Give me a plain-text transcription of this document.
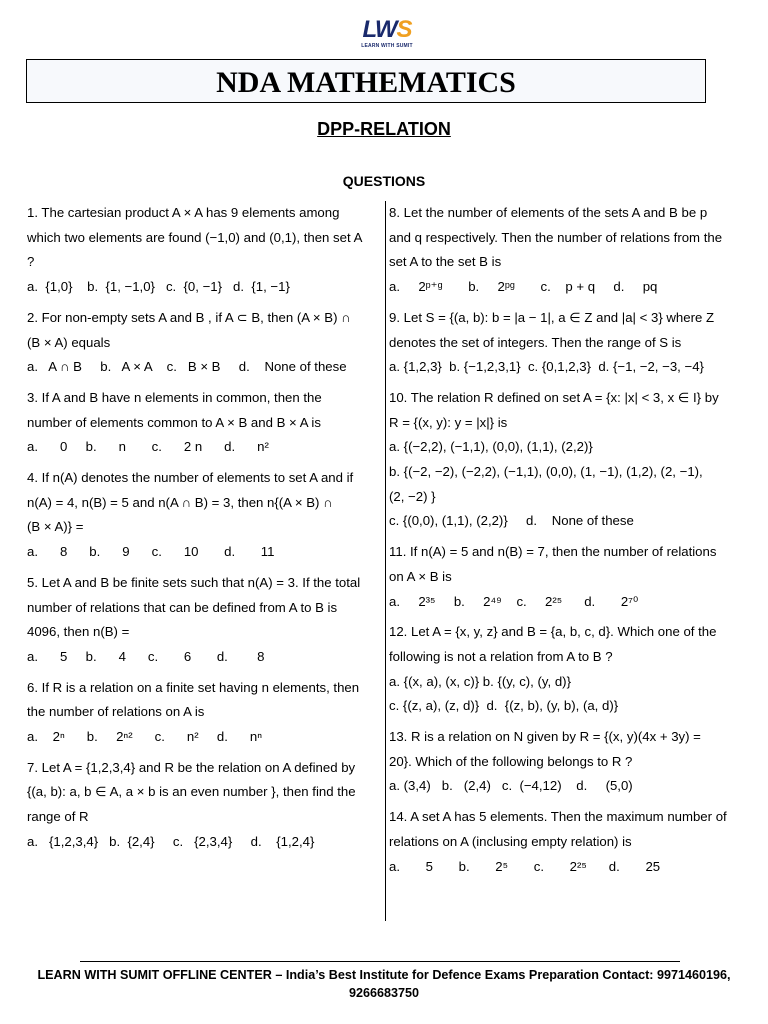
LWS
LEARN WITH SUMIT
NDA MATHEMATICS
DPP-RELATION
QUESTIONS

1. The cartesian product A × A has 9 elements among

which two elements are found (−1,0) and (0,1), then set A

?

a.  {1,0}    b.  {1, −1,0}   c.  {0, −1}   d.  {1, −1}

2. For non-empty sets A and B , if A ⊂ B, then (A × B) ∩

(B × A) equals

a.   A ∩ B     b.   A × A    c.   B × B     d.    None of these

3. If A and B have n elements in common, then the

number of elements common to A × B and B × A is

a.      0     b.      n       c.      2 n      d.      n²

4. If n(A) denotes the number of elements to set A and if

n(A) = 4, n(B) = 5 and n(A ∩ B) = 3, then n{(A × B) ∩

(B × A)} =

a.      8      b.      9      c.      10       d.       11

5. Let A and B be finite sets such that n(A) = 3. If the total

number of relations that can be defined from A to B is

4096, then n(B) =

a.      5     b.      4      c.       6       d.        8

6. If R is a relation on a finite set having n elements, then

the number of relations on A is

a.    2ⁿ      b.     2ⁿ²      c.      n²     d.      nⁿ

7. Let A = {1,2,3,4} and R be the relation on A defined by

{(a, b): a, b ∈ A, a × b is an even number }, then find the

range of R

a.   {1,2,3,4}   b.  {2,4}     c.   {2,3,4}     d.    {1,2,4}

8. Let the number of elements of the sets A and B be p

and q respectively. Then the number of relations from the

set A to the set B is

a.     2ᵖ⁺ᵍ       b.     2ᵖᵍ       c.    p + q     d.     pq

9. Let S = {(a, b): b = |a − 1|, a ∈ Z and |a| < 3} where Z

denotes the set of integers. Then the range of S is

a. {1,2,3}  b. {−1,2,3,1}  c. {0,1,2,3}  d. {−1, −2, −3, −4}

10. The relation R defined on set A = {x: |x| < 3, x ∈ I} by

R = {(x, y): y = |x|} is

a. {(−2,2), (−1,1), (0,0), (1,1), (2,2)}

b. {(−2, −2), (−2,2), (−1,1), (0,0), (1, −1), (1,2), (2, −1),

(2, −2) }

c. {(0,0), (1,1), (2,2)}     d.    None of these

11. If n(A) = 5 and n(B) = 7, then the number of relations

on A × B is

a.     2³⁵     b.     2⁴⁹    c.     2²⁵      d.       2⁷⁰

12. Let A = {x, y, z} and B = {a, b, c, d}. Which one of the

following is not a relation from A to B ?

a. {(x, a), (x, c)} b. {(y, c), (y, d)}

c. {(z, a), (z, d)}  d.  {(z, b), (y, b), (a, d)}

13. R is a relation on N given by R = {(x, y)(4x + 3y) =

20}. Which of the following belongs to R ?

a. (3,4)   b.   (2,4)   c.  (−4,12)    d.     (5,0)

14. A set A has 5 elements. Then the maximum number of

relations on A (inclusing empty relation) is

a.       5       b.       2⁵       c.       2²⁵      d.       25

LEARN WITH SUMIT OFFLINE CENTER – India’s Best Institute for Defence Exams Preparation Contact: 9971460196,
9266683750
